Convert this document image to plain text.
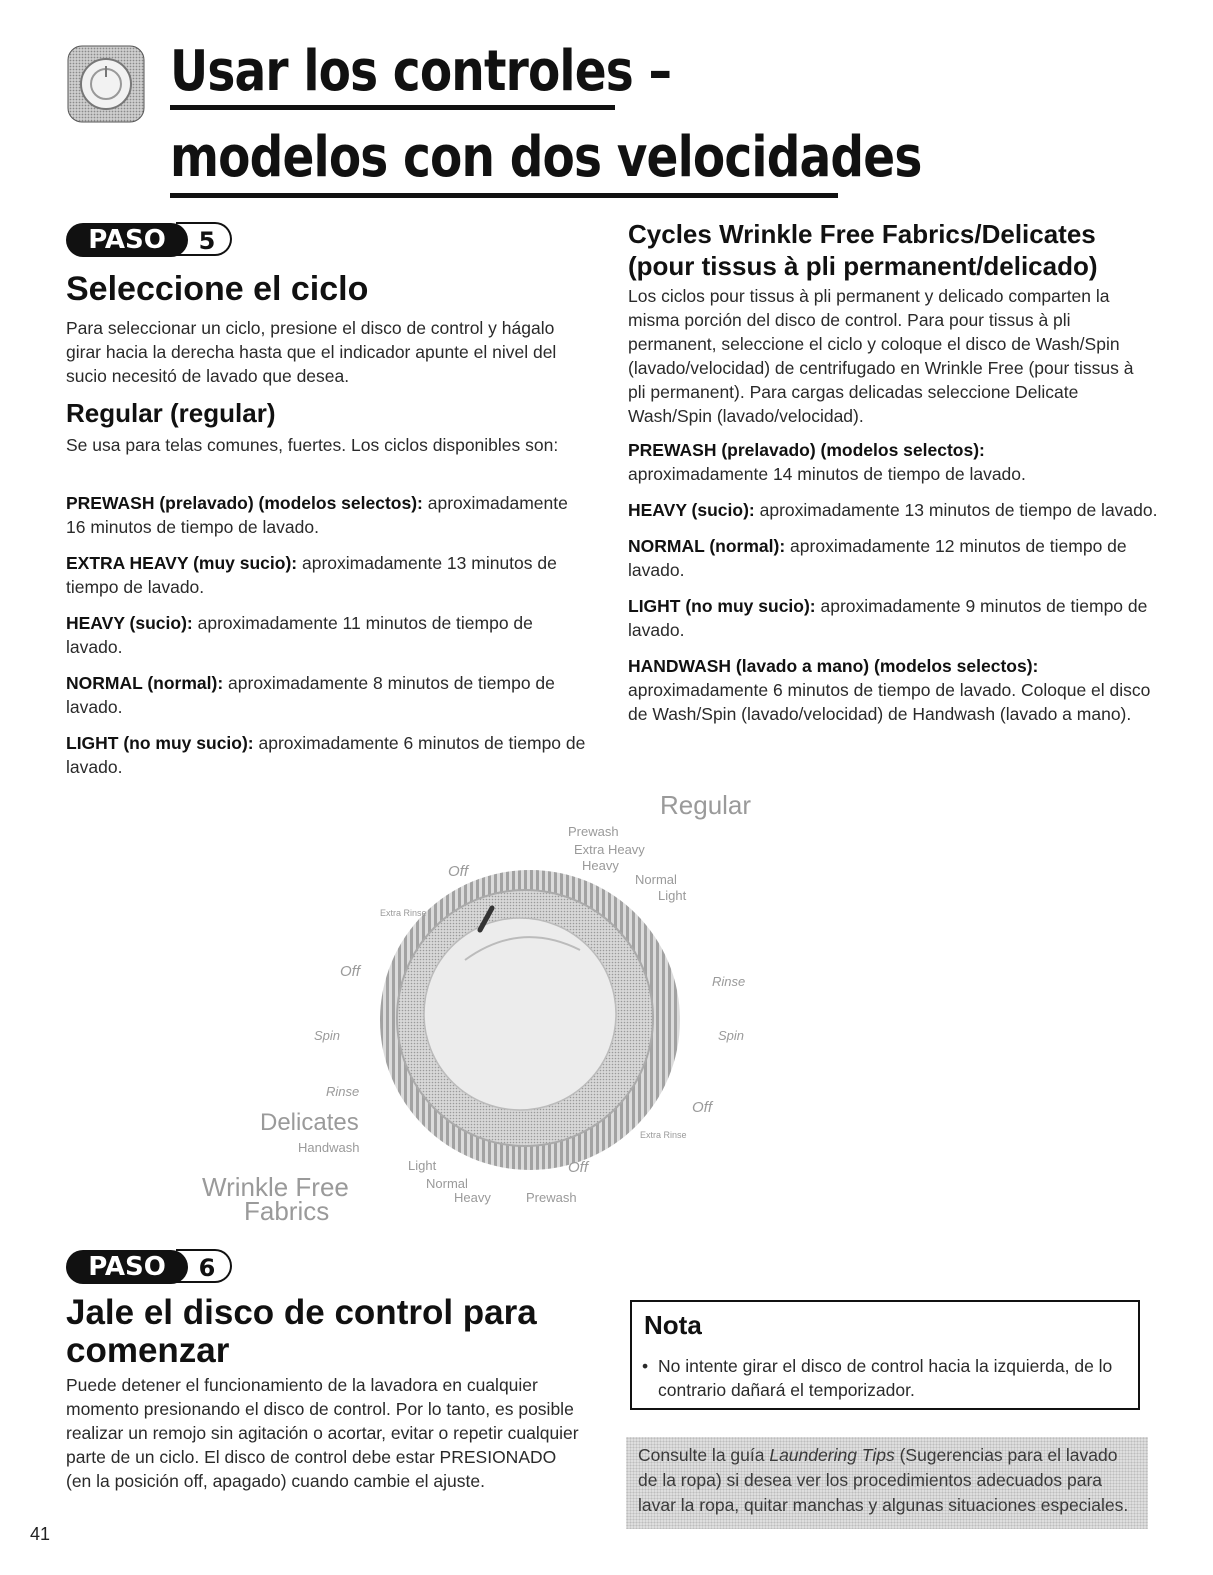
Usar los controles –
modelos con dos velocidades
5
PASO
Seleccione el ciclo
Para seleccionar un ciclo, presione el disco de control y hágalo girar hacia la derecha hasta que el indicador apunte el nivel del sucio necesitó de lavado que desea.
Regular (regular)
Se usa para telas comunes, fuertes. Los ciclos disponibles son:
PREWASH (prelavado) (modelos selectos): aproximadamente 16 minutos de tiempo de lavado.
EXTRA HEAVY (muy sucio): aproximadamente 13 minutos de tiempo de lavado.
HEAVY (sucio): aproximadamente 11 minutos de tiempo de lavado.
NORMAL (normal): aproximadamente 8 minutos de tiempo de lavado.
LIGHT (no muy sucio): aproximadamente 6 minutos de tiempo de lavado.
Cycles Wrinkle Free Fabrics/Delicates (pour tissus à pli permanent/delicado)
Los ciclos pour tissus à pli permanent y delicado comparten la misma porción del disco de control. Para pour tissus à pli permanent, seleccione el ciclo y coloque el disco de Wash/Spin (lavado/velocidad) de centrifugado en Wrinkle Free (pour tissus à pli permanent). Para cargas delicadas seleccione Delicate Wash/Spin (lavado/velocidad).
PREWASH (prelavado) (modelos selectos):
aproximadamente 14 minutos de tiempo de lavado.
HEAVY (sucio): aproximadamente 13 minutos de tiempo de lavado.
NORMAL (normal): aproximadamente 12 minutos de tiempo de lavado.
LIGHT (no muy sucio): aproximadamente 9 minutos de tiempo de lavado.
HANDWASH (lavado a mano) (modelos selectos):
aproximadamente 6 minutos de tiempo de lavado. Coloque el disco de Wash/Spin (lavado/velocidad) de Handwash (lavado a mano).
Regular
Prewash
Extra Heavy
Heavy
Normal
Light
Off
Extra Rinse
Off
Rinse
Spin	Spin
Rinse
Off
Extra Rinse
Delicates
Handwash
Light	Off
Normal
Heavy	Prewash
Wrinkle Free
Fabrics
6
PASO
Jale el disco de control para comenzar
Puede detener el funcionamiento de la lavadora en cualquier momento presionando el disco de control. Por lo tanto, es posible realizar un remojo sin agitación o acortar, evitar o repetir cualquier parte de un ciclo. El disco de control debe estar PRESIONADO (en la posición off, apagado) cuando cambie el ajuste.
Nota
• No intente girar el disco de control hacia la izquierda, de lo contrario dañará el temporizador.
Consulte la guía Laundering Tips (Sugerencias para el lavado de la ropa) si desea ver los procedimientos adecuados para lavar la ropa, quitar manchas y algunas situaciones especiales.
41
